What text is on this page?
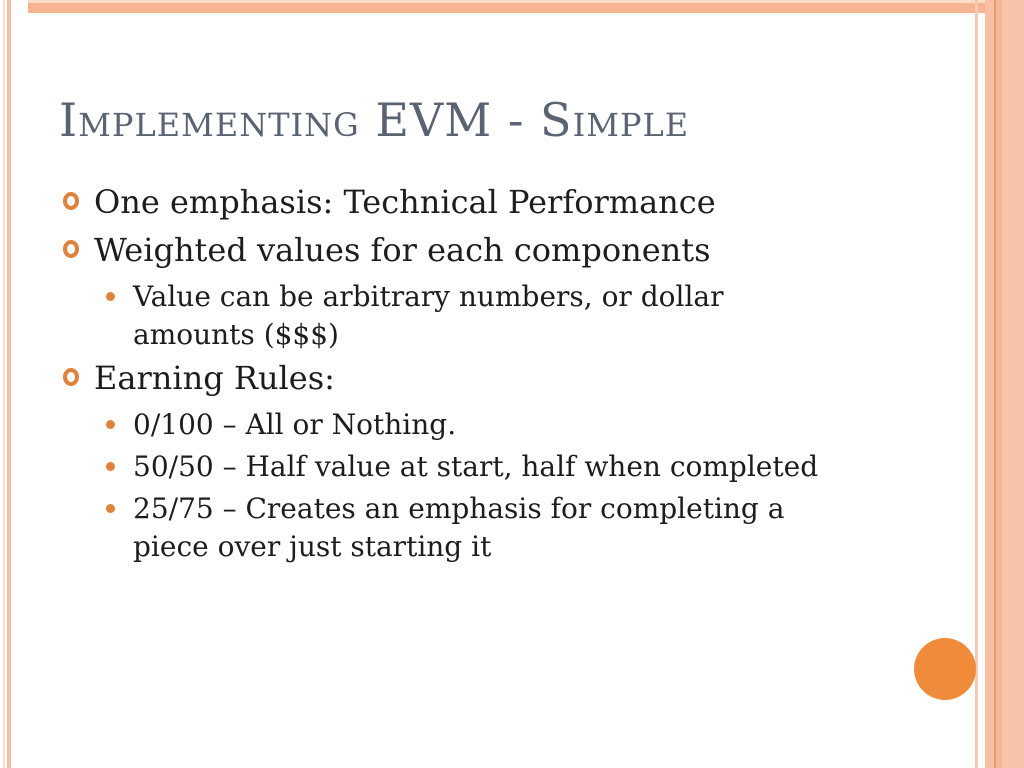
Implementing EVM - Simple
One emphasis: Technical Performance
Weighted values for each components
Value can be arbitrary numbers, or dollar amounts ($$$)
Earning Rules:
0/100 – All or Nothing.
50/50 – Half value at start, half when completed
25/75 – Creates an emphasis for completing a piece over just starting it
